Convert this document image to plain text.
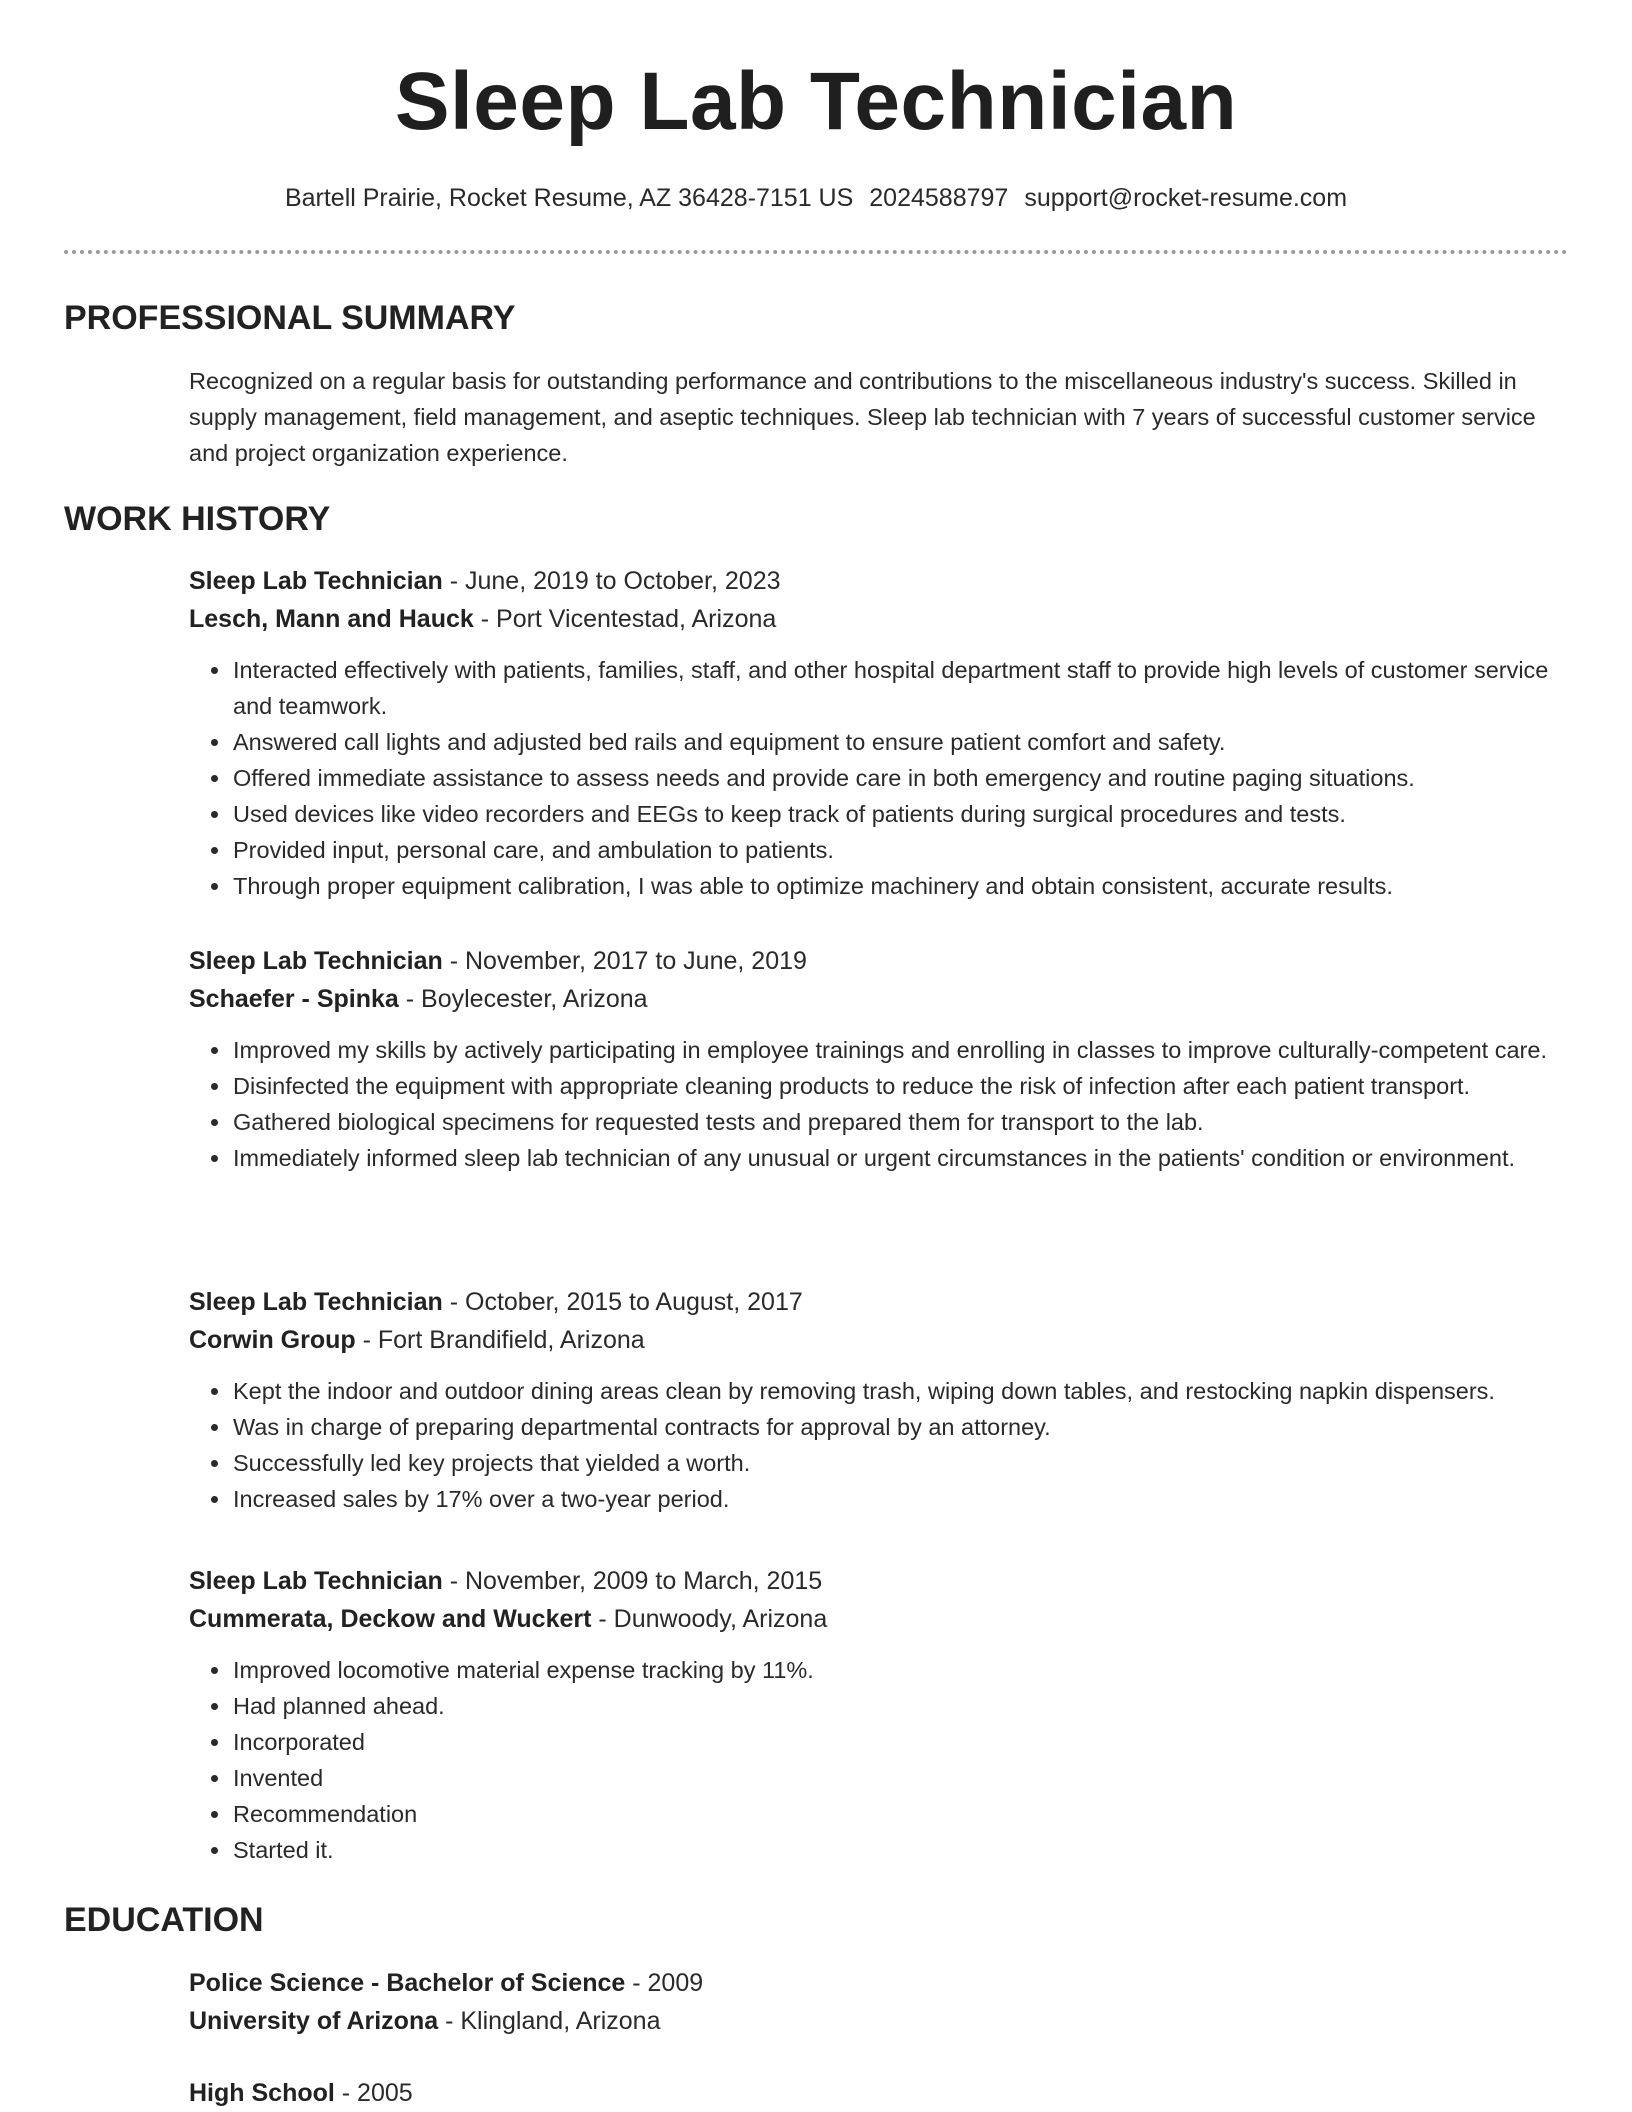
Sleep Lab Technician
Bartell Prairie, Rocket Resume, AZ 36428-7151 US 2024588797 support@rocket-resume.com
PROFESSIONAL SUMMARY
Recognized on a regular basis for outstanding performance and contributions to the miscellaneous industry's success. Skilled in supply management, field management, and aseptic techniques. Sleep lab technician with 7 years of successful customer service and project organization experience.
WORK HISTORY
Sleep Lab Technician - June, 2019 to October, 2023
Lesch, Mann and Hauck - Port Vicentestad, Arizona
• Interacted effectively with patients, families, staff, and other hospital department staff to provide high levels of customer service and teamwork.
• Answered call lights and adjusted bed rails and equipment to ensure patient comfort and safety.
• Offered immediate assistance to assess needs and provide care in both emergency and routine paging situations.
• Used devices like video recorders and EEGs to keep track of patients during surgical procedures and tests.
• Provided input, personal care, and ambulation to patients.
• Through proper equipment calibration, I was able to optimize machinery and obtain consistent, accurate results.
Sleep Lab Technician - November, 2017 to June, 2019
Schaefer - Spinka - Boylecester, Arizona
• Improved my skills by actively participating in employee trainings and enrolling in classes to improve culturally-competent care.
• Disinfected the equipment with appropriate cleaning products to reduce the risk of infection after each patient transport.
• Gathered biological specimens for requested tests and prepared them for transport to the lab.
• Immediately informed sleep lab technician of any unusual or urgent circumstances in the patients' condition or environment.
Sleep Lab Technician - October, 2015 to August, 2017
Corwin Group - Fort Brandifield, Arizona
• Kept the indoor and outdoor dining areas clean by removing trash, wiping down tables, and restocking napkin dispensers.
• Was in charge of preparing departmental contracts for approval by an attorney.
• Successfully led key projects that yielded a worth.
• Increased sales by 17% over a two-year period.
Sleep Lab Technician - November, 2009 to March, 2015
Cummerata, Deckow and Wuckert - Dunwoody, Arizona
• Improved locomotive material expense tracking by 11%.
• Had planned ahead.
• Incorporated
• Invented
• Recommendation
• Started it.
EDUCATION
Police Science - Bachelor of Science - 2009
University of Arizona - Klingland, Arizona
High School - 2005
